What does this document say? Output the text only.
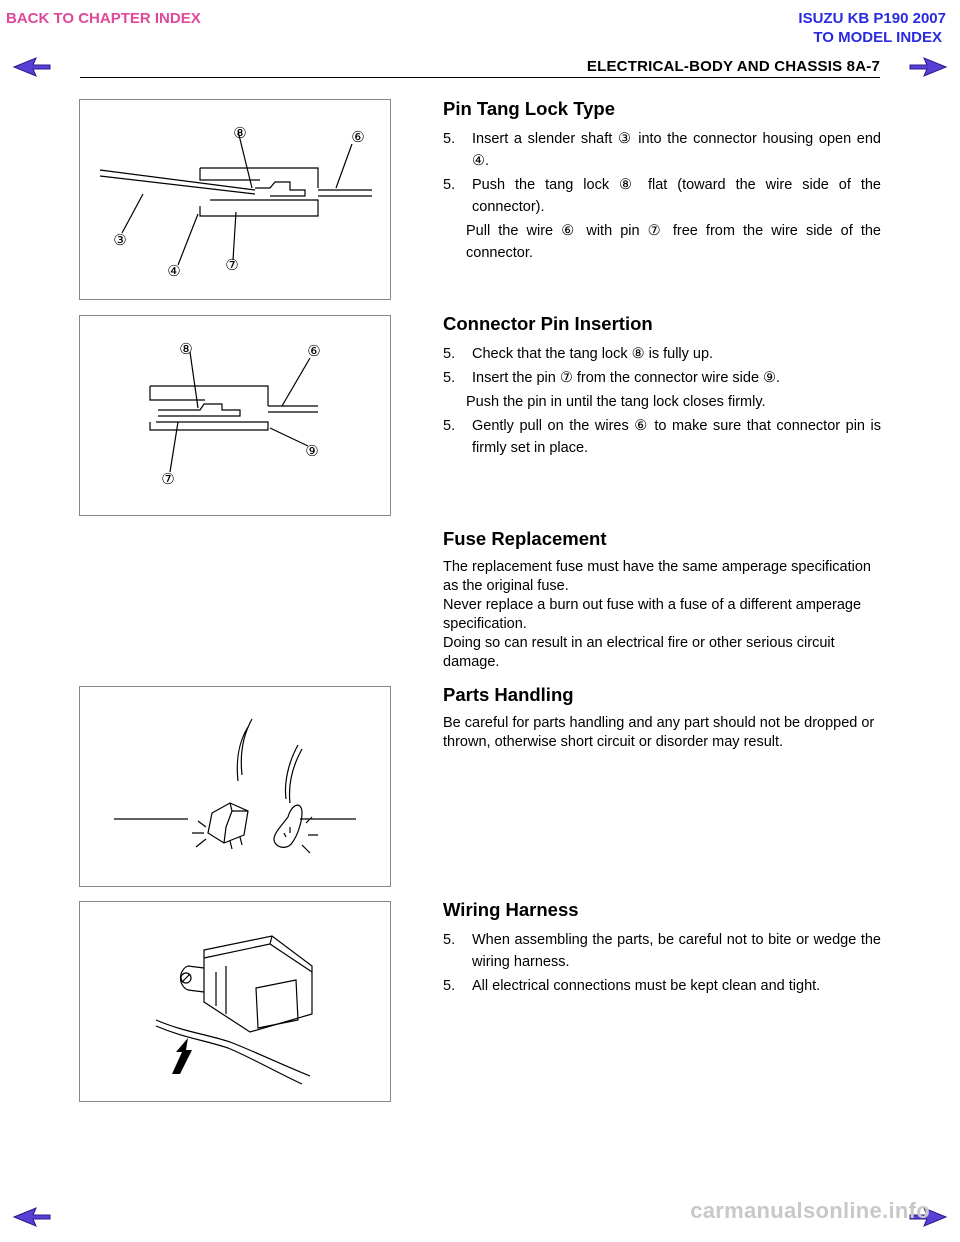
BACK TO CHAPTER INDEX	ISUZU KB P190 2007
TO MODEL INDEX
ELECTRICAL-BODY AND CHASSIS 8A-7
⑧	⑥
③
④	⑦
⑧	⑥
⑨
⑦
Pin Tang Lock Type
5. Insert a slender shaft ③ into the connector housing open end ④.
5. Push the tang lock ⑧ flat (toward the wire side of the connector).
Pull the wire ⑥ with pin ⑦ free from the wire side of the connector.
Connector Pin Insertion
5. Check that the tang lock ⑧ is fully up.
5. Insert the pin ⑦ from the connector wire side ⑨.
Push the pin in until the tang lock closes firmly.
5. Gently pull on the wires ⑥ to make sure that connector pin is firmly set in place.
Fuse Replacement

The replacement fuse must have the same amperage specification as the original fuse.

Never replace a burn out fuse with a fuse of a different amperage specification.

Doing so can result in an electrical fire or other serious circuit damage.

Parts Handling

Be careful for parts handling and any part should not be dropped or thrown, otherwise short circuit or disorder may result.

Wiring Harness
5. When assembling the parts, be careful not to bite or wedge the wiring harness.
5. All electrical connections must be kept clean and tight.
carmanualsonline.info
